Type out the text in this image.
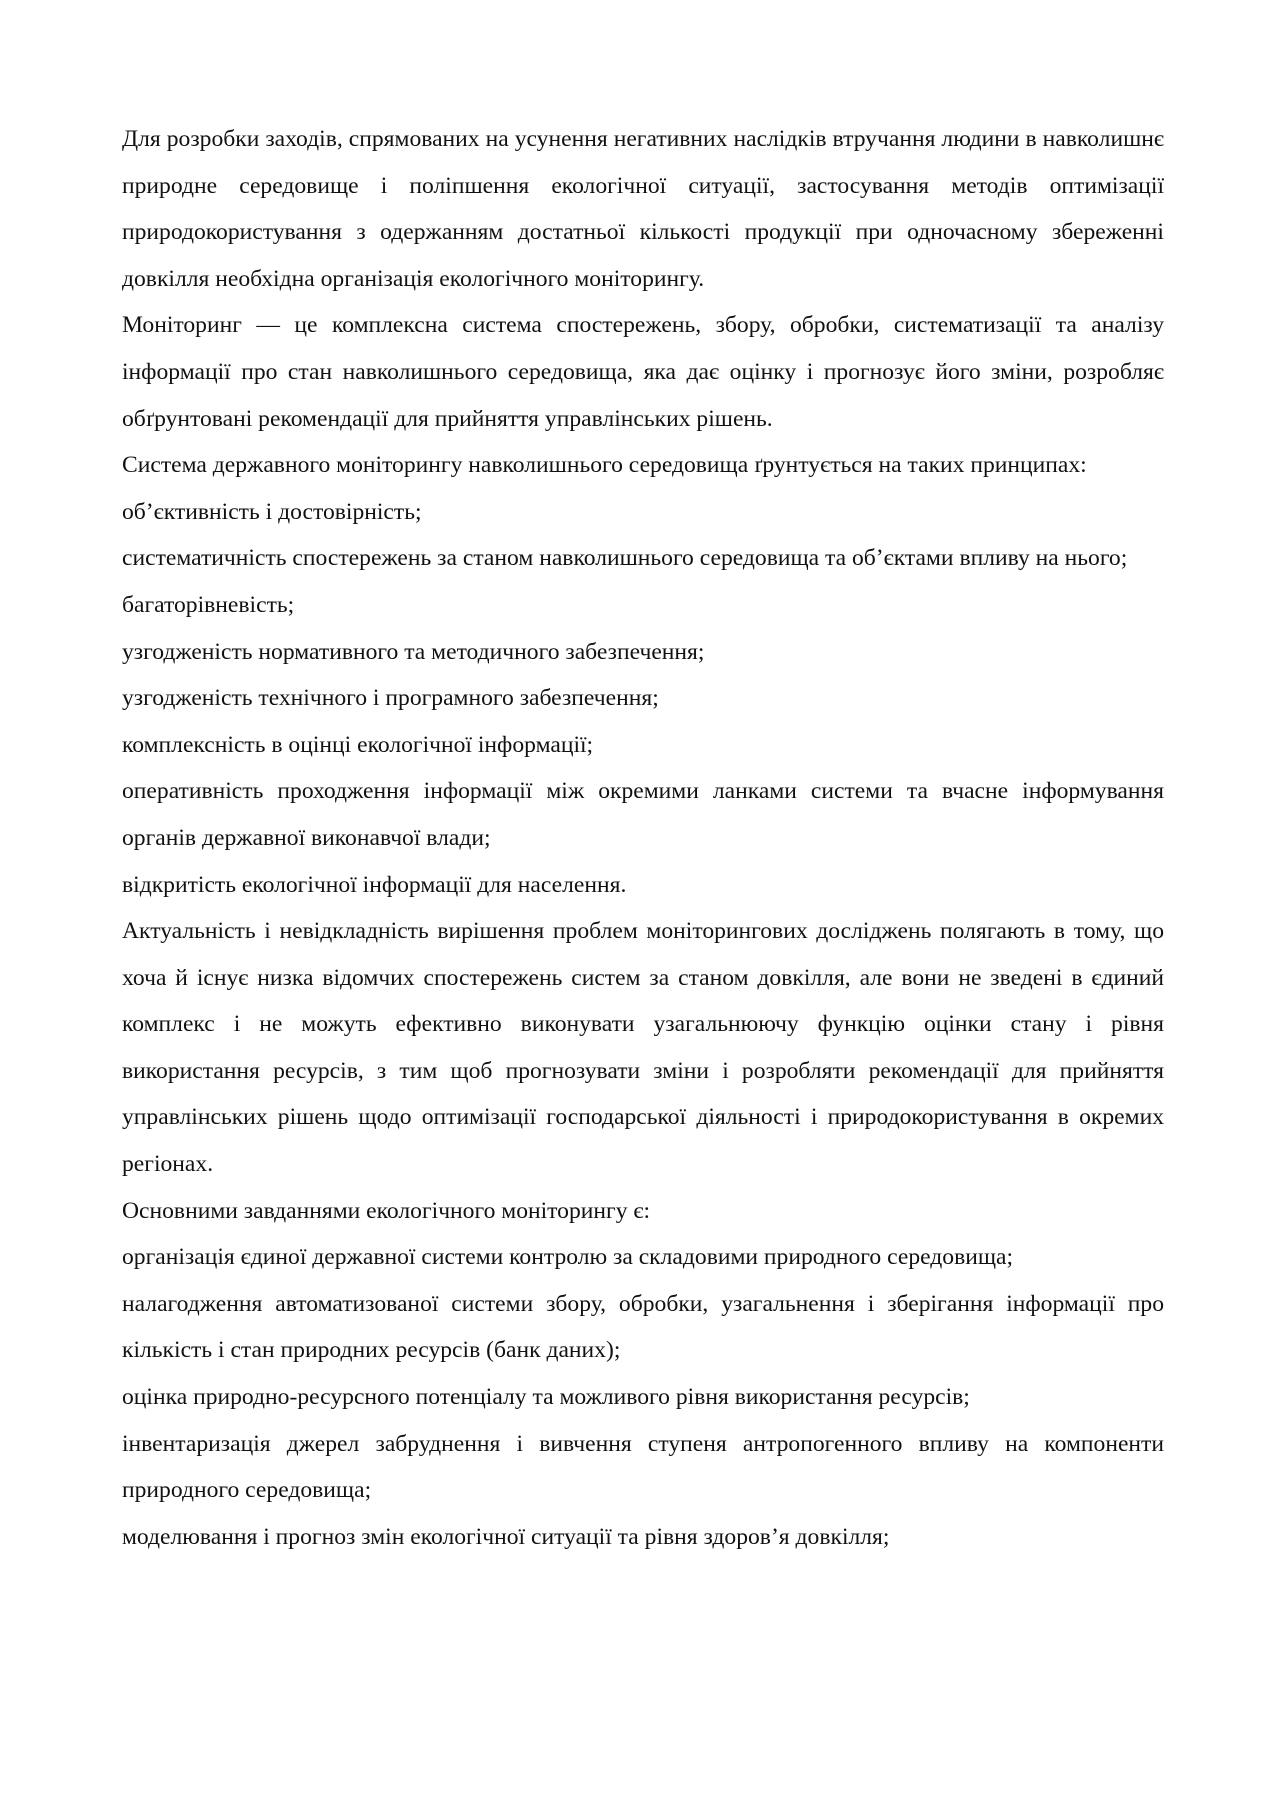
Для розробки заходів, спрямованих на усунення негативних наслідків втручання людини в навколишнє природне середовище і поліпшення екологічної ситуації, застосування методів оптимізації природокористування з одержанням достатньої кількості продукції при одночасному збереженні довкілля необхідна організація екологічного моніторингу.

Моніторинг — це комплексна система спостережень, збору, обробки, систематизації та аналізу інформації про стан навколишнього середовища, яка дає оцінку і прогнозує його зміни, розробляє обґрунтовані рекомендації для прийняття управлінських рішень.

Система державного моніторингу навколишнього середовища ґрунтується на таких принципах:

об’єктивність і достовірність;

систематичність спостережень за станом навколишнього середовища та об’єктами впливу на нього;

багаторівневість;

узгодженість нормативного та методичного забезпечення;

узгодженість технічного і програмного забезпечення;

комплексність в оцінці екологічної інформації;

оперативність проходження інформації між окремими ланками системи та вчасне інформування органів державної виконавчої влади;

відкритість екологічної інформації для населення.

Актуальність і невідкладність вирішення проблем моніторингових досліджень полягають в тому, що хоча й існує низка відомчих спостережень систем за станом довкілля, але вони не зведені в єдиний комплекс і не можуть ефективно виконувати узагальнюючу функцію оцінки стану і рівня використання ресурсів, з тим щоб прогнозувати зміни і розробляти рекомендації для прийняття управлінських рішень щодо оптимізації господарської діяльності і природокористування в окремих регіонах.

Основними завданнями екологічного моніторингу є:

організація єдиної державної системи контролю за складовими природного середовища;

налагодження автоматизованої системи збору, обробки, узагальнення і зберігання інформації про кількість і стан природних ресурсів (банк даних);

оцінка природно-ресурсного потенціалу та можливого рівня використання ресурсів;

інвентаризація джерел забруднення і вивчення ступеня антропогенного впливу на компоненти природного середовища;

моделювання і прогноз змін екологічної ситуації та рівня здоров’я довкілля;
